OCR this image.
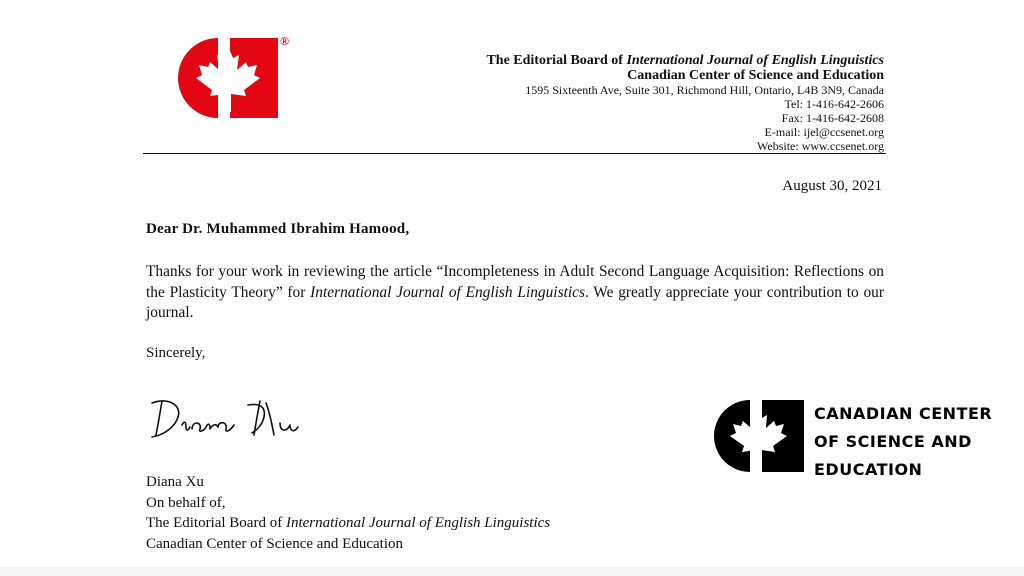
®
The Editorial Board of International Journal of English Linguistics
Canadian Center of Science and Education
1595 Sixteenth Ave, Suite 301, Richmond Hill, Ontario, L4B 3N9, Canada
Tel: 1-416-642-2606
Fax: 1-416-642-2608
E-mail: ijel@ccsenet.org
Website: www.ccsenet.org
August 30, 2021
Dear Dr. Muhammed Ibrahim Hamood,
Thanks for your work in reviewing the article “Incompleteness in Adult Second Language Acquisition: Reflections on the Plasticity Theory” for International Journal of English Linguistics. We greatly appreciate your contribution to our journal.
Sincerely,
Diana Xu
On behalf of,
The Editorial Board of International Journal of English Linguistics
Canadian Center of Science and Education
CANADIAN CENTER
OF SCIENCE AND
EDUCATION
